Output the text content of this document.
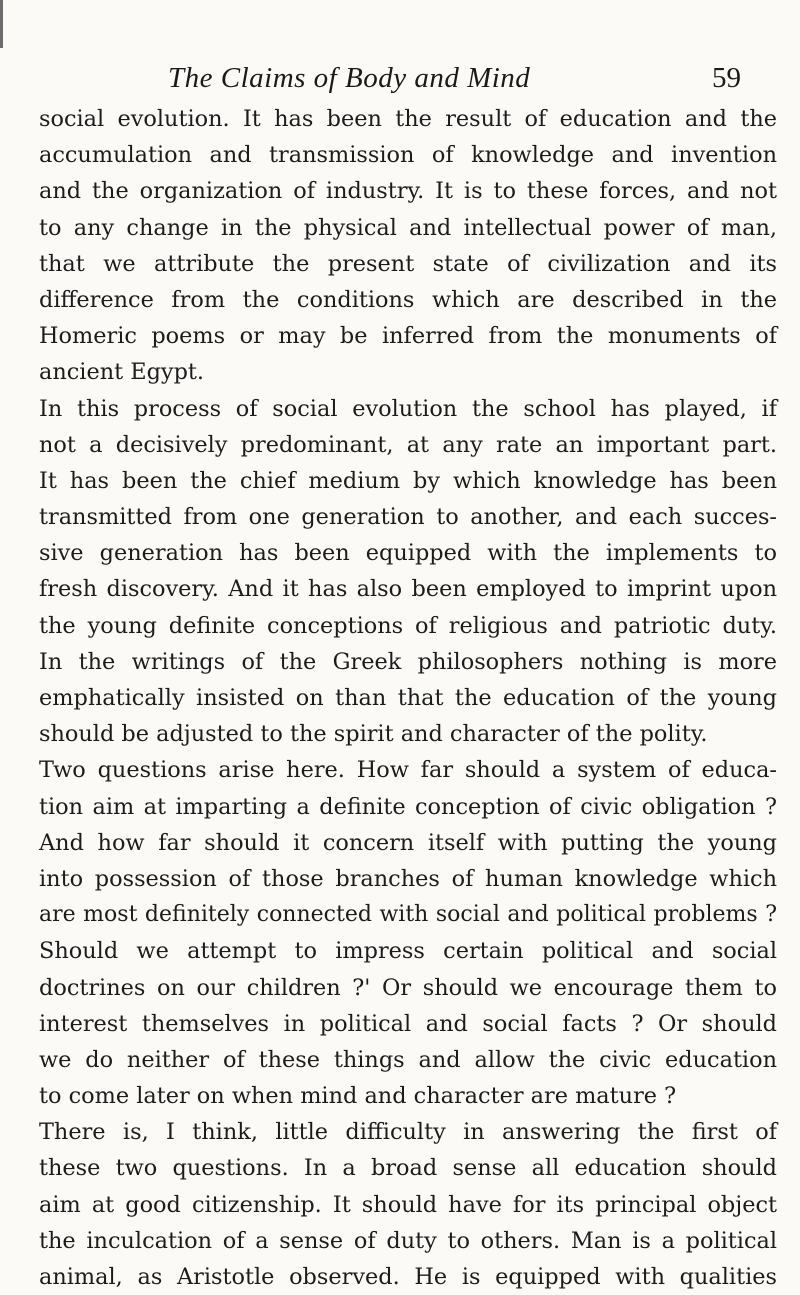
The Claims of Body and Mind	59
social evolution. It has been the result of education and the
accumulation and transmission of knowledge and invention
and the organization of industry. It is to these forces, and not
to any change in the physical and intellectual power of man,
that we attribute the present state of civilization and its
difference from the conditions which are described in the
Homeric poems or may be inferred from the monuments of
ancient Egypt.
In this process of social evolution the school has played, if
not a decisively predominant, at any rate an important part.
It has been the chief medium by which knowledge has been
transmitted from one generation to another, and each succes-
sive generation has been equipped with the implements to
fresh discovery. And it has also been employed to imprint upon
the young definite conceptions of religious and patriotic duty.
In the writings of the Greek philosophers nothing is more
emphatically insisted on than that the education of the young
should be adjusted to the spirit and character of the polity.
Two questions arise here. How far should a system of educa-
tion aim at imparting a definite conception of civic obligation ?
And how far should it concern itself with putting the young
into possession of those branches of human knowledge which
are most definitely connected with social and political problems ?
Should we attempt to impress certain political and social
doctrines on our children ?' Or should we encourage them to
interest themselves in political and social facts ? Or should
we do neither of these things and allow the civic education
to come later on when mind and character are mature ?
There is, I think, little difficulty in answering the first of
these two questions. In a broad sense all education should
aim at good citizenship. It should have for its principal object
the inculcation of a sense of duty to others. Man is a political
animal, as Aristotle observed. He is equipped with qualities
